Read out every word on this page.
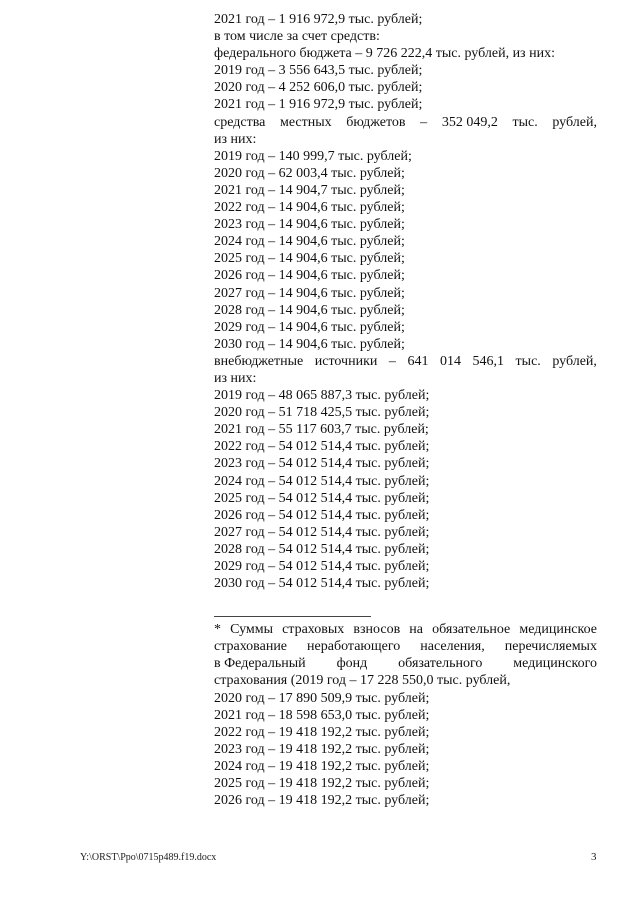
2021 год – 1 916 972,9 тыс. рублей;
в том числе за счет средств:
федерального бюджета – 9 726 222,4 тыс. рублей, из них:
2019 год – 3 556 643,5 тыс. рублей;
2020 год – 4 252 606,0 тыс. рублей;
2021 год – 1 916 972,9 тыс. рублей;
средства местных бюджетов – 352 049,2 тыс. рублей,
из них:
2019 год – 140 999,7 тыс. рублей;
2020 год – 62 003,4 тыс. рублей;
2021 год – 14 904,7 тыс. рублей;
2022 год – 14 904,6 тыс. рублей;
2023 год – 14 904,6 тыс. рублей;
2024 год – 14 904,6 тыс. рублей;
2025 год – 14 904,6 тыс. рублей;
2026 год – 14 904,6 тыс. рублей;
2027 год – 14 904,6 тыс. рублей;
2028 год – 14 904,6 тыс. рублей;
2029 год – 14 904,6 тыс. рублей;
2030 год – 14 904,6 тыс. рублей;
внебюджетные источники – 641 014 546,1 тыс. рублей,
из них:
2019 год – 48 065 887,3 тыс. рублей;
2020 год – 51 718 425,5 тыс. рублей;
2021 год – 55 117 603,7 тыс. рублей;
2022 год – 54 012 514,4 тыс. рублей;
2023 год – 54 012 514,4 тыс. рублей;
2024 год – 54 012 514,4 тыс. рублей;
2025 год – 54 012 514,4 тыс. рублей;
2026 год – 54 012 514,4 тыс. рублей;
2027 год – 54 012 514,4 тыс. рублей;
2028 год – 54 012 514,4 тыс. рублей;
2029 год – 54 012 514,4 тыс. рублей;
2030 год – 54 012 514,4 тыс. рублей;
* Суммы страховых взносов на обязательное медицинское
страхование неработающего населения, перечисляемых
в Федеральный фонд обязательного медицинского
страхования (2019 год – 17 228 550,0 тыс. рублей,
2020 год – 17 890 509,9 тыс. рублей;
2021 год – 18 598 653,0 тыс. рублей;
2022 год – 19 418 192,2 тыс. рублей;
2023 год – 19 418 192,2 тыс. рублей;
2024 год – 19 418 192,2 тыс. рублей;
2025 год – 19 418 192,2 тыс. рублей;
2026 год – 19 418 192,2 тыс. рублей;
Y:\ORST\Ppo\0715p489.f19.docx	3
